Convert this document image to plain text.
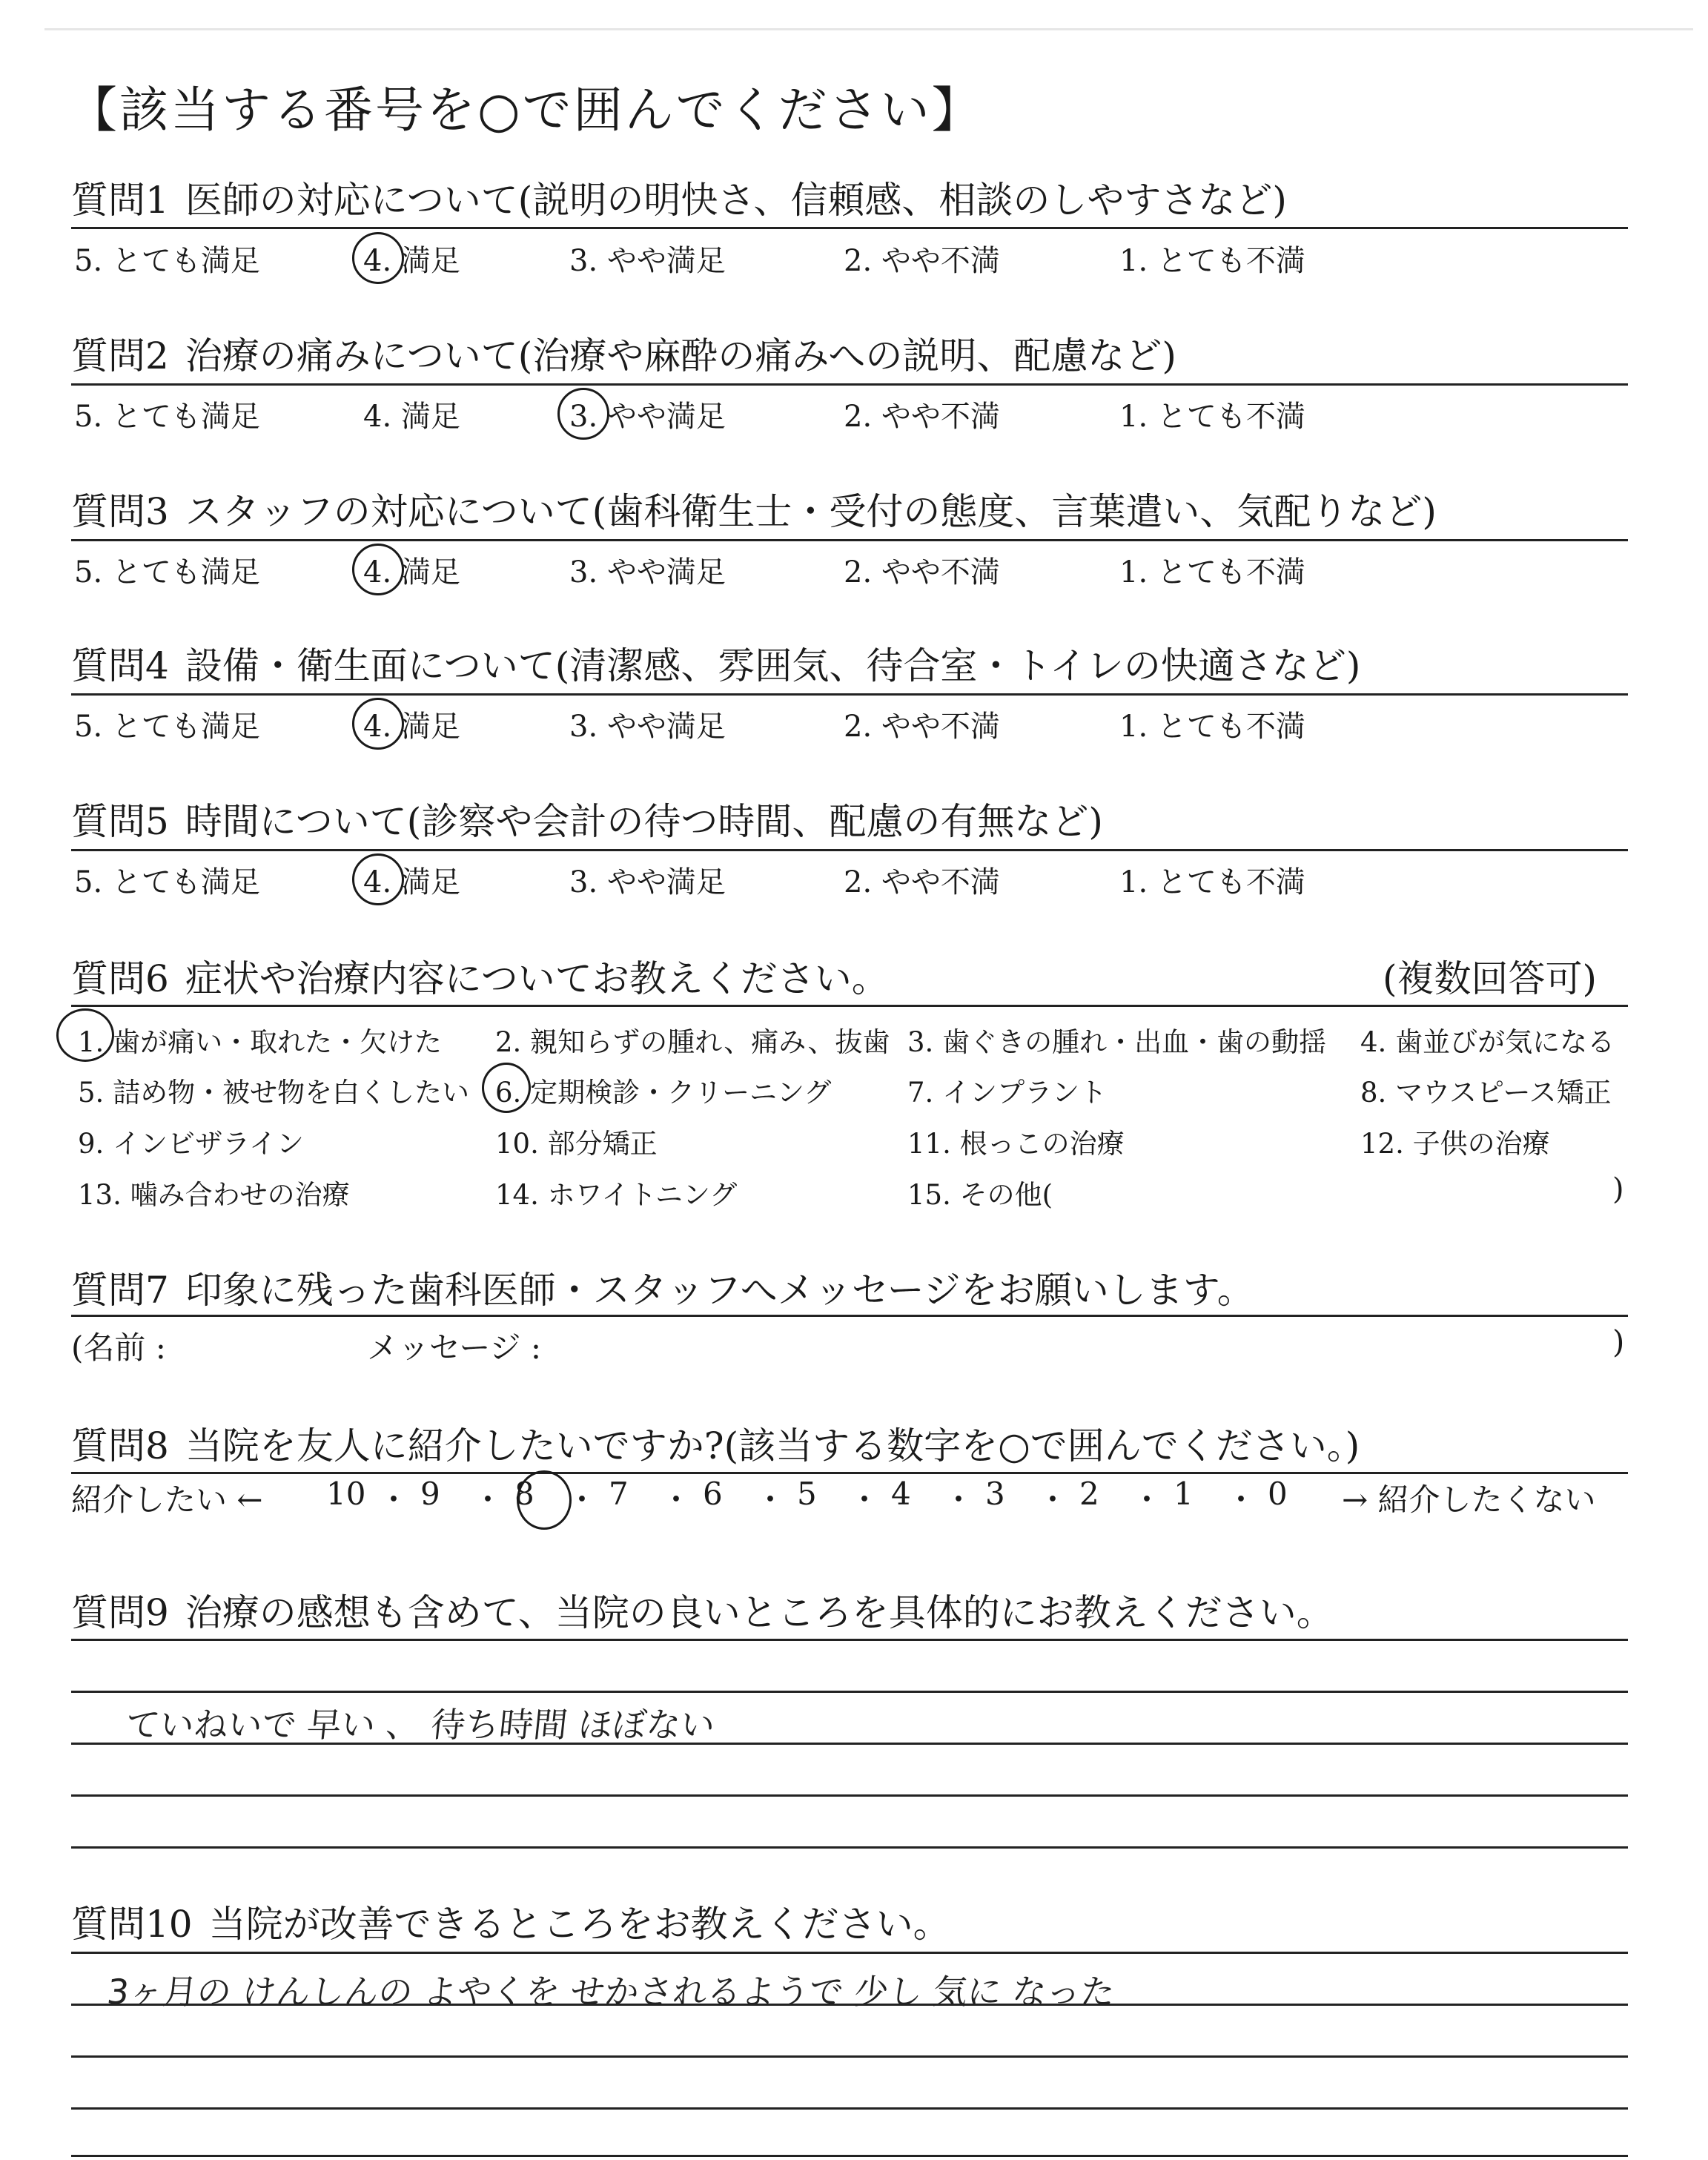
【該当する番号を○で囲んでください】
質問1 医師の対応について(説明の明快さ、信頼感、相談のしやすさなど)
質問2 治療の痛みについて(治療や麻酔の痛みへの説明、配慮など)
質問3 スタッフの対応について(歯科衛生士・受付の態度、言葉遣い、気配りなど)
質問4 設備・衛生面について(清潔感、雰囲気、待合室・トイレの快適さなど)
質問5 時間について(診察や会計の待つ時間、配慮の有無など)
質問6 症状や治療内容についてお教えください。	(複数回答可)
質問7 印象に残った歯科医師・スタッフへメッセージをお願いします。
質問8 当院を友人に紹介したいですか?(該当する数字を○で囲んでください。)
質問9 治療の感想も含めて、当院の良いところを具体的にお教えください。
質問10 当院が改善できるところをお教えください。
5. とても満足	4. 満足	3. やや満足	2. やや不満	1. とても不満
5. とても満足	4. 満足	3. やや満足	2. やや不満	1. とても不満
5. とても満足	4. 満足	3. やや満足	2. やや不満	1. とても不満
5. とても満足	4. 満足	3. やや満足	2. やや不満	1. とても不満
5. とても満足	4. 満足	3. やや満足	2. やや不満	1. とても不満
1. 歯が痛い・取れた・欠けた 2. 親知らずの腫れ、痛み、抜歯 3. 歯ぐきの腫れ・出血・歯の動揺 4. 歯並びが気になる
5. 詰め物・被せ物を白くしたい 6. 定期検診・クリーニング	7. インプラント	8. マウスピース矯正
9. インビザライン	10. 部分矯正	11. 根っこの治療	12. 子供の治療
13. 噛み合わせの治療	14. ホワイトニング	15. その他(	)
(名前 :	メッセージ :	)
紹介したい ← 10 ・ 9 ・ 8 ・ 7 ・ 6 ・ 5 ・ 4 ・ 3 ・ 2 ・ 1 ・ 0 → 紹介したくない
ていねいで 早い 、 待ち時間 ほぼない
3ヶ月の けんしんの よやくを せかされるようで 少し 気に なった
